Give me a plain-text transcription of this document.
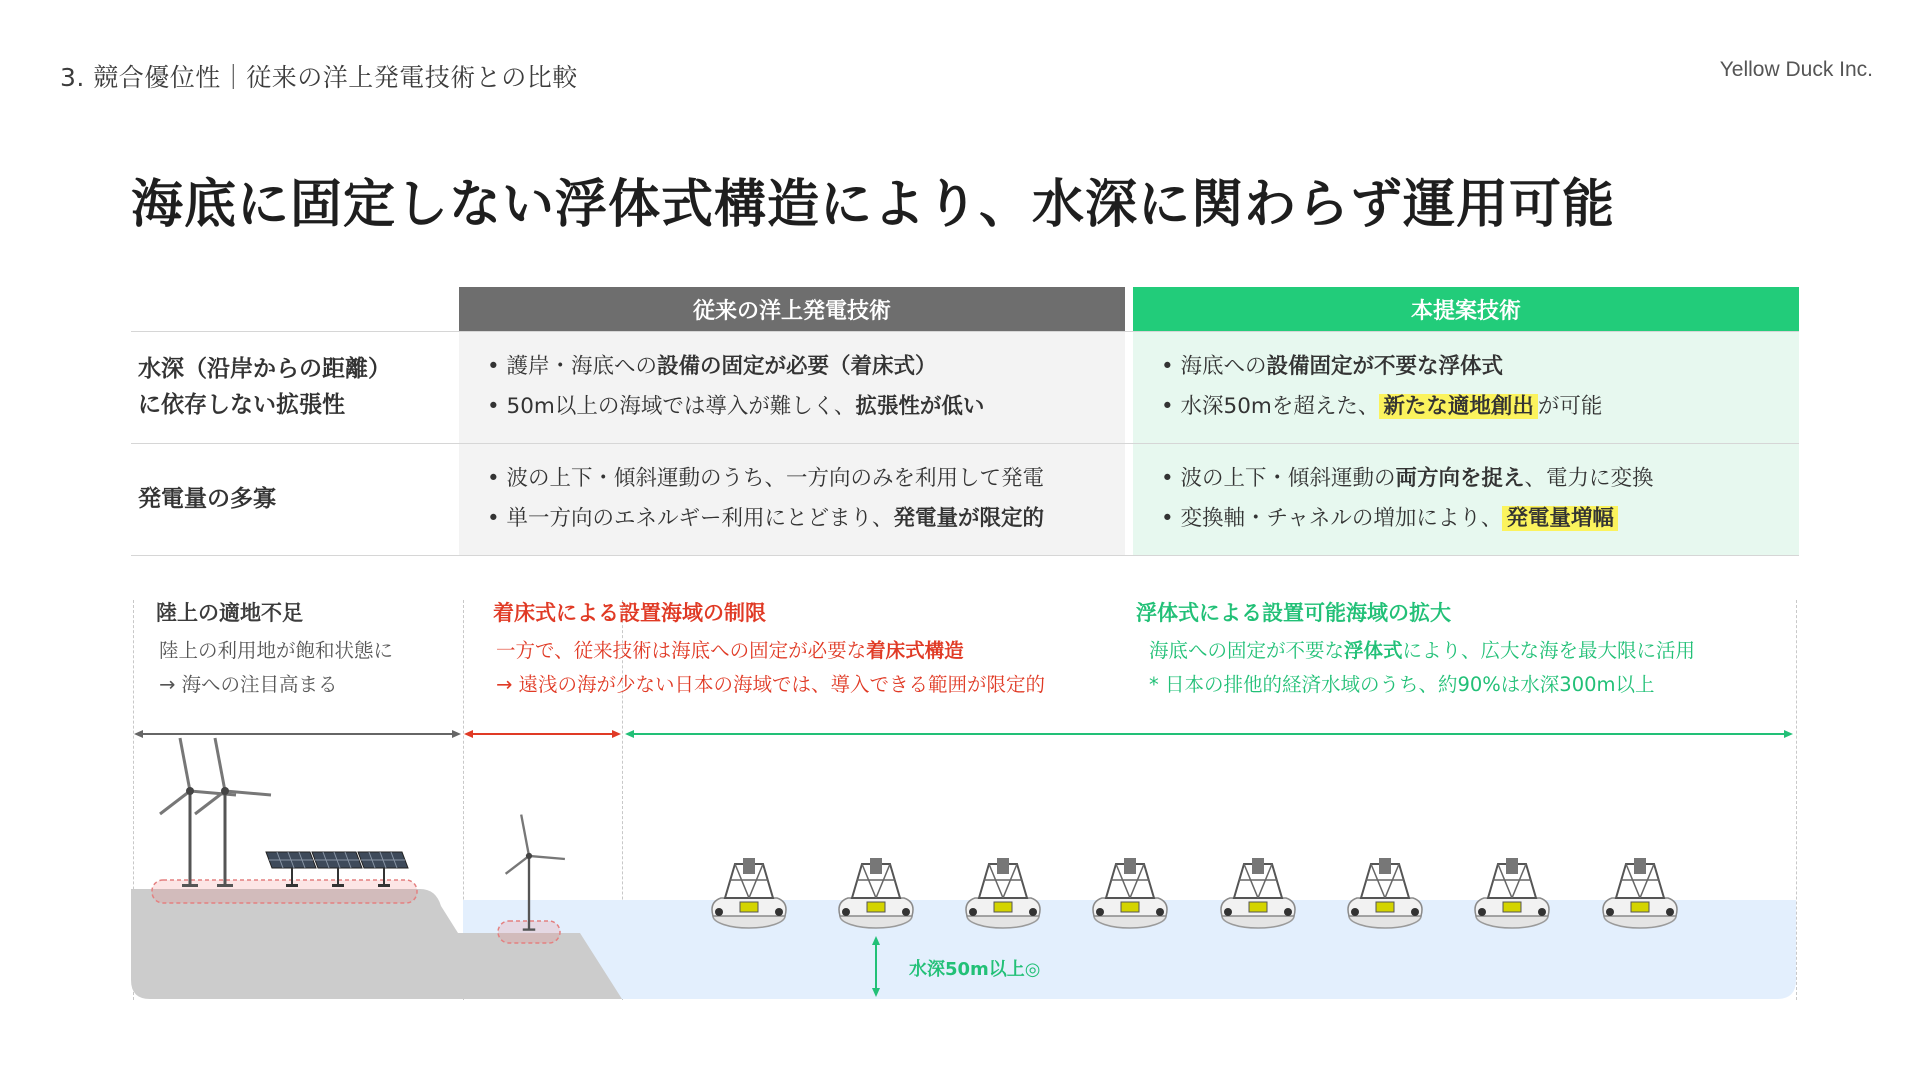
3. 競合優位性｜従来の洋上発電技術との比較	Yellow Duck Inc.
海底に固定しない浮体式構造により、水深に関わらず運用可能
従来の洋上発電技術	本提案技術
水深（沿岸からの距離）
に依存しない拡張性
• 護岸・海底への設備の固定が必要（着床式）
• 50m以上の海域では導入が難しく、拡張性が低い
• 海底への設備固定が不要な浮体式
• 水深50mを超えた、 新たな適地創出 が可能
発電量の多寡
• 波の上下・傾斜運動のうち、一方向のみを利用して発電
• 単一方向のエネルギー利用にとどまり、発電量が限定的
• 波の上下・傾斜運動の両方向を捉え、電力に変換
• 変換軸・チャネルの増加により、 発電量増幅
陸上の適地不足
陸上の利用地が飽和状態に
→ 海への注目高まる
着床式による設置海域の制限
一方で、従来技術は海底への固定が必要な着床式構造
→ 遠浅の海が少ない日本の海域では、導入できる範囲が限定的
浮体式による設置可能海域の拡大
海底への固定が不要な浮体式により、広大な海を最大限に活用
* 日本の排他的経済水域のうち、約90%は水深300m以上
水深50m以上◎
